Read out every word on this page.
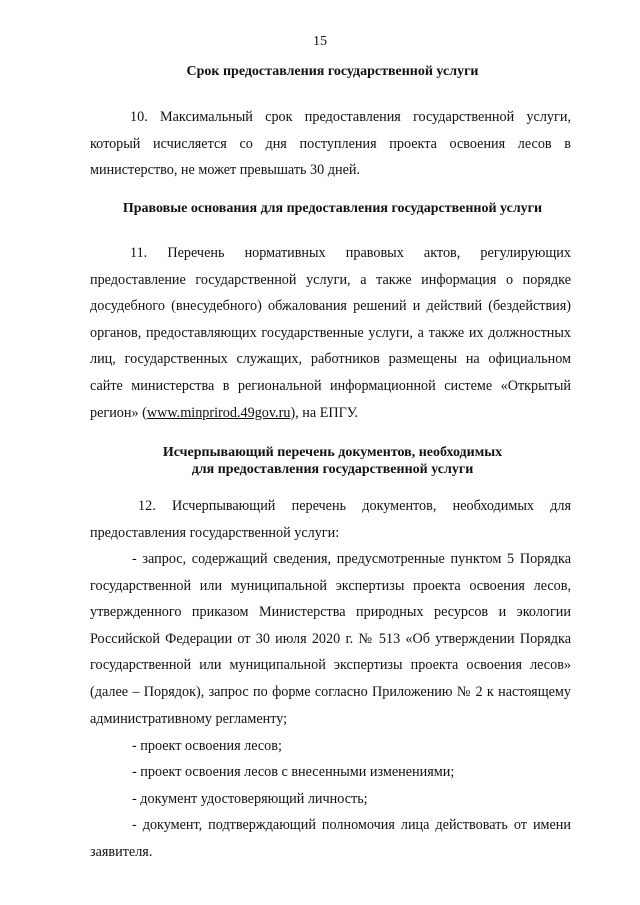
15
Срок предоставления государственной услуги
10. Максимальный срок предоставления государственной услуги, который исчисляется со дня поступления проекта освоения лесов в министерство, не может превышать 30 дней.
Правовые основания для предоставления государственной услуги
11. Перечень нормативных правовых актов, регулирующих предоставление государственной услуги, а также информация о порядке досудебного (внесудебного) обжалования решений и действий (бездействия) органов, предоставляющих государственные услуги, а также их должностных лиц, государственных служащих, работников размещены на официальном сайте министерства в региональной информационной системе «Открытый регион» (www.minprirod.49gov.ru), на ЕПГУ.
Исчерпывающий перечень документов, необходимых
для предоставления государственной услуги
12. Исчерпывающий перечень документов, необходимых для предоставления государственной услуги:
- запрос, содержащий сведения, предусмотренные пунктом 5 Порядка государственной или муниципальной экспертизы проекта освоения лесов, утвержденного приказом Министерства природных ресурсов и экологии Российской Федерации от 30 июля 2020 г. № 513 «Об утверждении Порядка государственной или муниципальной экспертизы проекта освоения лесов» (далее – Порядок), запрос по форме согласно Приложению № 2 к настоящему административному регламенту;
- проект освоения лесов;
- проект освоения лесов с внесенными изменениями;
- документ удостоверяющий личность;
- документ, подтверждающий полномочия лица действовать от имени заявителя.
